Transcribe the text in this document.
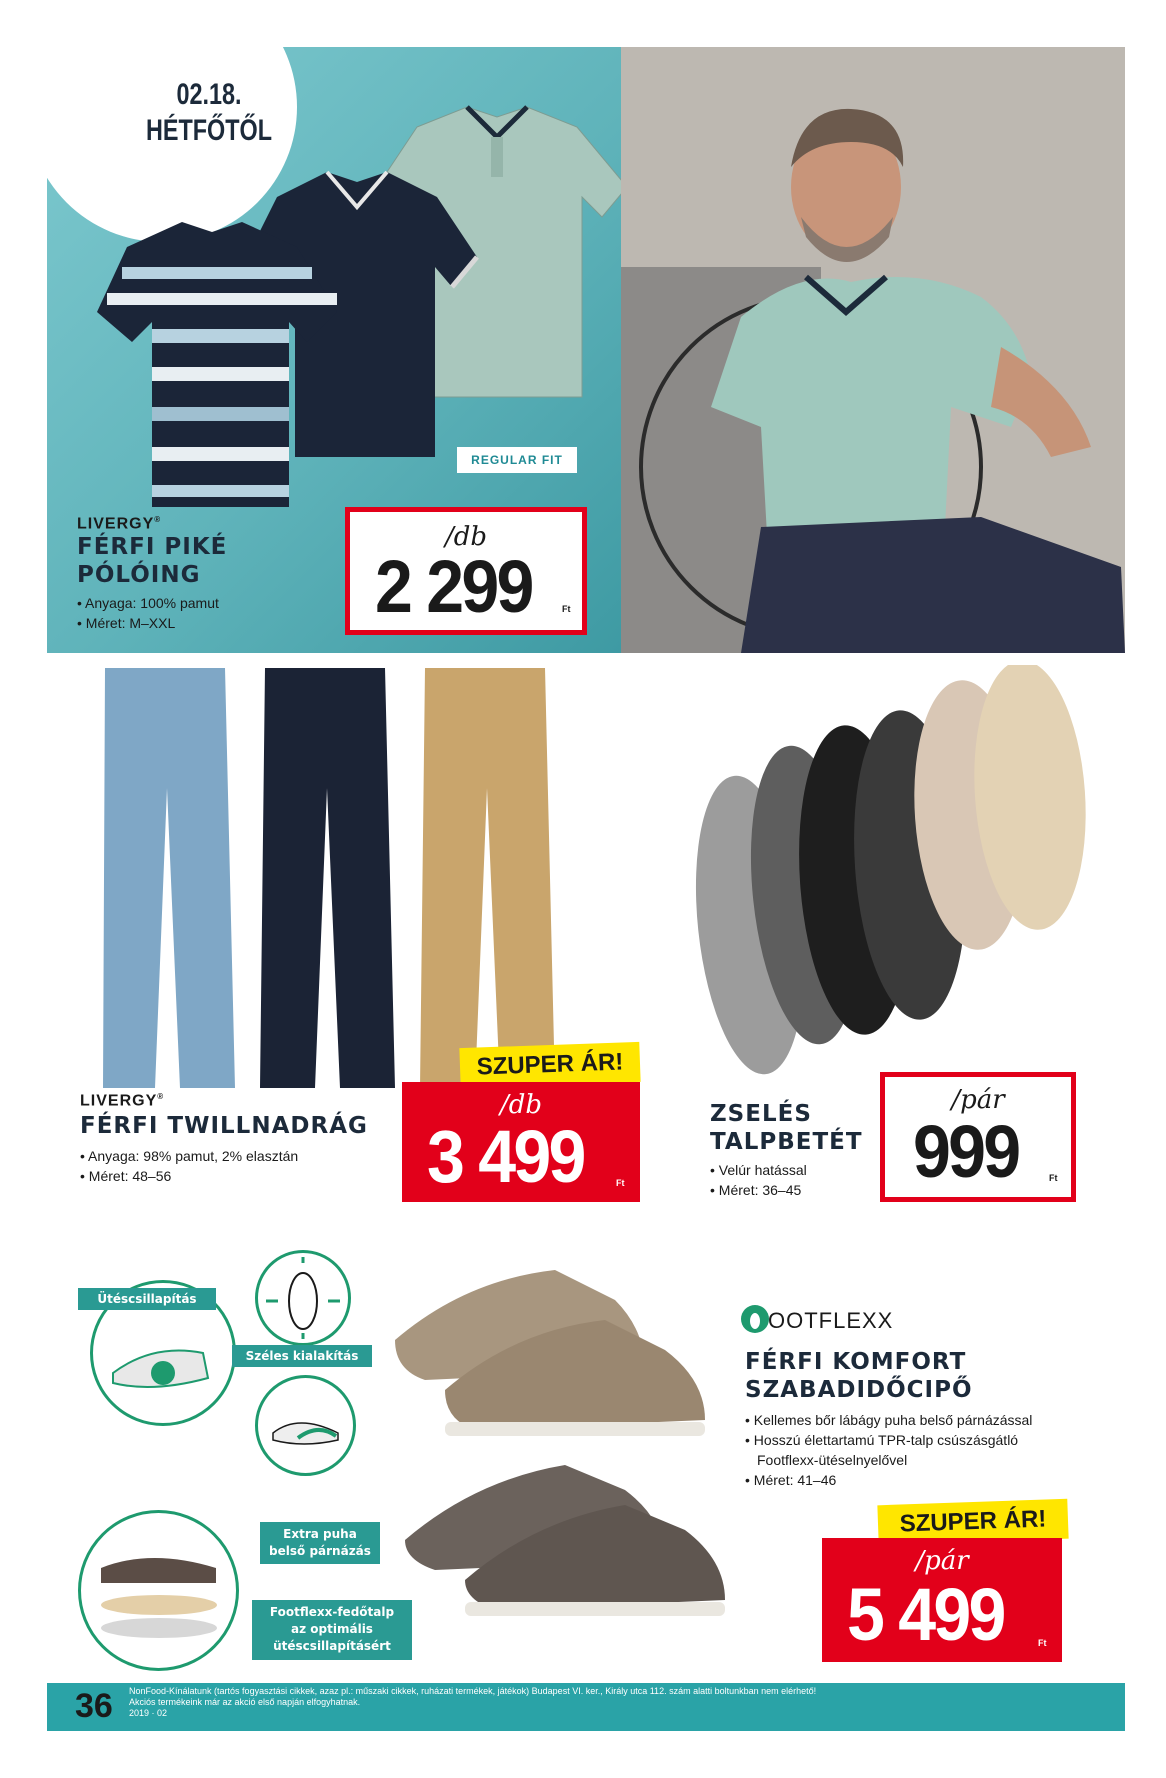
02.18.
HÉTFŐTŐL
REGULAR FIT
LIVERGY®
FÉRFI PIKÉ
PÓLÓING
• Anyaga: 100% pamut
• Méret: M–XXL
/db
2 299	Ft
LIVERGY®
FÉRFI TWILLNADRÁG
• Anyaga: 98% pamut, 2% elasztán
• Méret: 48–56
SZUPER ÁR!
/db
3 499	Ft
ZSELÉS
TALPBETÉT
• Velúr hatással
• Méret: 36–45
/pár
999	Ft
Ütéscsillapítás
Széles kialakítás
Extra puha
belső párnázás
Footflexx-fedőtalp
az optimális
ütéscsillapításért
OOTFLEXX
FÉRFI KOMFORT
SZABADIDŐCIPŐ
• Kellemes bőr lábágy puha belső párnázással
• Hosszú élettartamú TPR-talp csúszásgátló
Footflexx-ütéselnyelővel
• Méret: 41–46
SZUPER ÁR!
/pár
5 499	Ft
36 NonFood-Kínálatunk (tartós fogyasztási cikkek, azaz pl.: műszaki cikkek, ruházati termékek, játékok) Budapest VI. ker., Király utca 112. szám alatti boltunkban nem elérhető!
Akciós termékeink már az akció első napján elfogyhatnak.
2019 · 02
